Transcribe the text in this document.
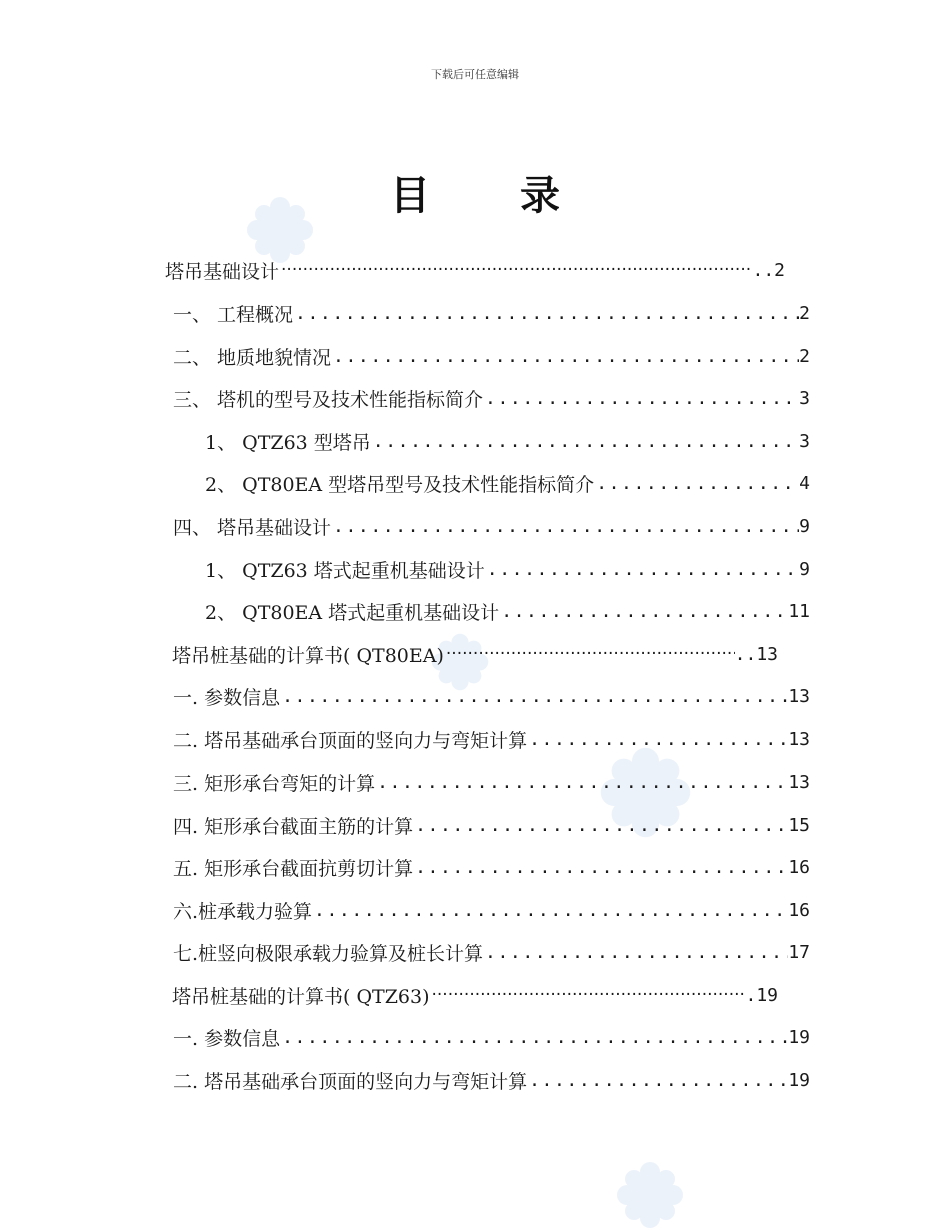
下载后可任意编辑
目录
塔吊基础设计 ·····	..2
一、 工程概况 .....	2
二、 地质地貌情况 .....	2
三、 塔机的型号及技术性能指标简介 .....	3
1、 QTZ63 型塔吊 .....	3
2、 QT80EA 型塔吊型号及技术性能指标简介 .....	4
四、 塔吊基础设计 .....	9
1、 QTZ63 塔式起重机基础设计 .....	9
2、 QT80EA 塔式起重机基础设计 .....	11
塔吊桩基础的计算书( QT80EA) ·····	..13
一. 参数信息 .....	13
二. 塔吊基础承台顶面的竖向力与弯矩计算 .....	13
三. 矩形承台弯矩的计算 .....	13
四. 矩形承台截面主筋的计算 .....	15
五. 矩形承台截面抗剪切计算 .....	16
六.桩承载力验算 .....	16
七.桩竖向极限承载力验算及桩长计算 .....	17
塔吊桩基础的计算书( QTZ63) ·····	.19
一. 参数信息 .....	19
二. 塔吊基础承台顶面的竖向力与弯矩计算 .....	19
